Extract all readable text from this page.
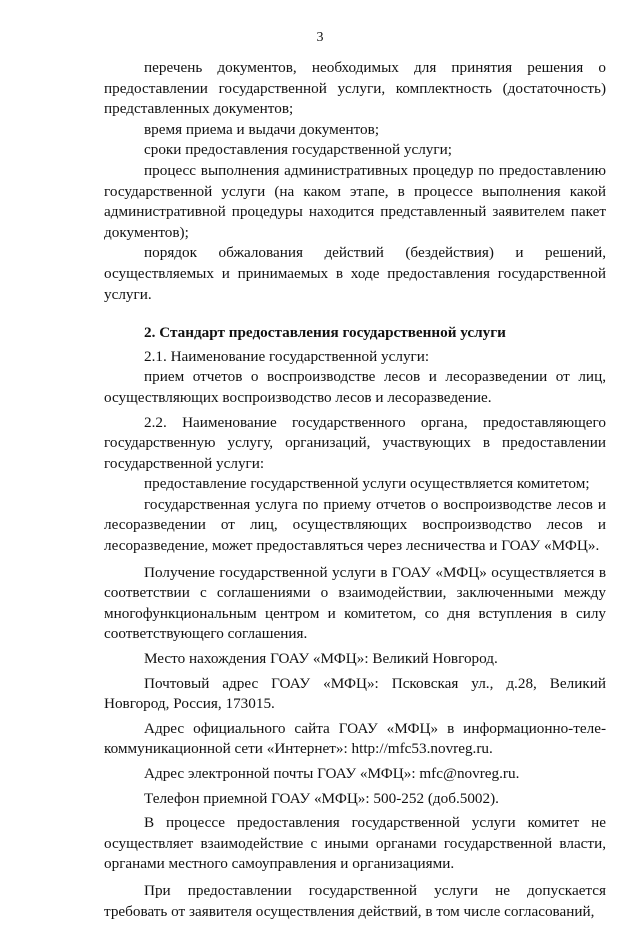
3

перечень документов, необходимых для принятия решения о предоставлении государственной услуги, комплектность (достаточность) представленных документов;

время приема и выдачи документов;

сроки предоставления государственной услуги;

процесс выполнения административных процедур по предоставлению государственной услуги (на каком этапе, в процессе выполнения какой административной процедуры находится представленный заявителем пакет документов);

порядок обжалования действий (бездействия) и решений, осуществляемых и принимаемых в ходе предоставления государственной услуги.

2. Стандарт предоставления государственной услуги

2.1. Наименование государственной услуги:

прием отчетов о воспроизводстве лесов и лесоразведении от лиц, осуществляющих воспроизводство лесов и лесоразведение.

2.2. Наименование государственного органа, предоставляющего государственную услугу, организаций, участвующих в предоставлении государственной услуги:

предоставление государственной услуги осуществляется комитетом;

государственная услуга по приему отчетов о воспроизводстве лесов и лесоразведении от лиц, осуществляющих воспроизводство лесов и лесоразведение, может предоставляться через лесничества и ГОАУ «МФЦ».

Получение государственной услуги в ГОАУ «МФЦ» осуществляется в соответствии с соглашениями о взаимодействии, заключенными между многофункциональным центром и комитетом, со дня вступления в силу соответствующего соглашения.

Место нахождения ГОАУ «МФЦ»: Великий Новгород.

Почтовый адрес ГОАУ «МФЦ»: Псковская ул., д.28, Великий Новгород, Россия, 173015.

Адрес официального сайта ГОАУ «МФЦ» в информационно-теле-коммуникационной сети «Интернет»: http://mfc53.novreg.ru.

Адрес электронной почты ГОАУ «МФЦ»: mfc@novreg.ru.

Телефон приемной ГОАУ «МФЦ»: 500-252 (доб.5002).

В процессе предоставления государственной услуги комитет не осуществляет взаимодействие с иными органами государственной власти, органами местного самоуправления и организациями.

При предоставлении государственной услуги не допускается требовать от заявителя осуществления действий, в том числе согласований,
